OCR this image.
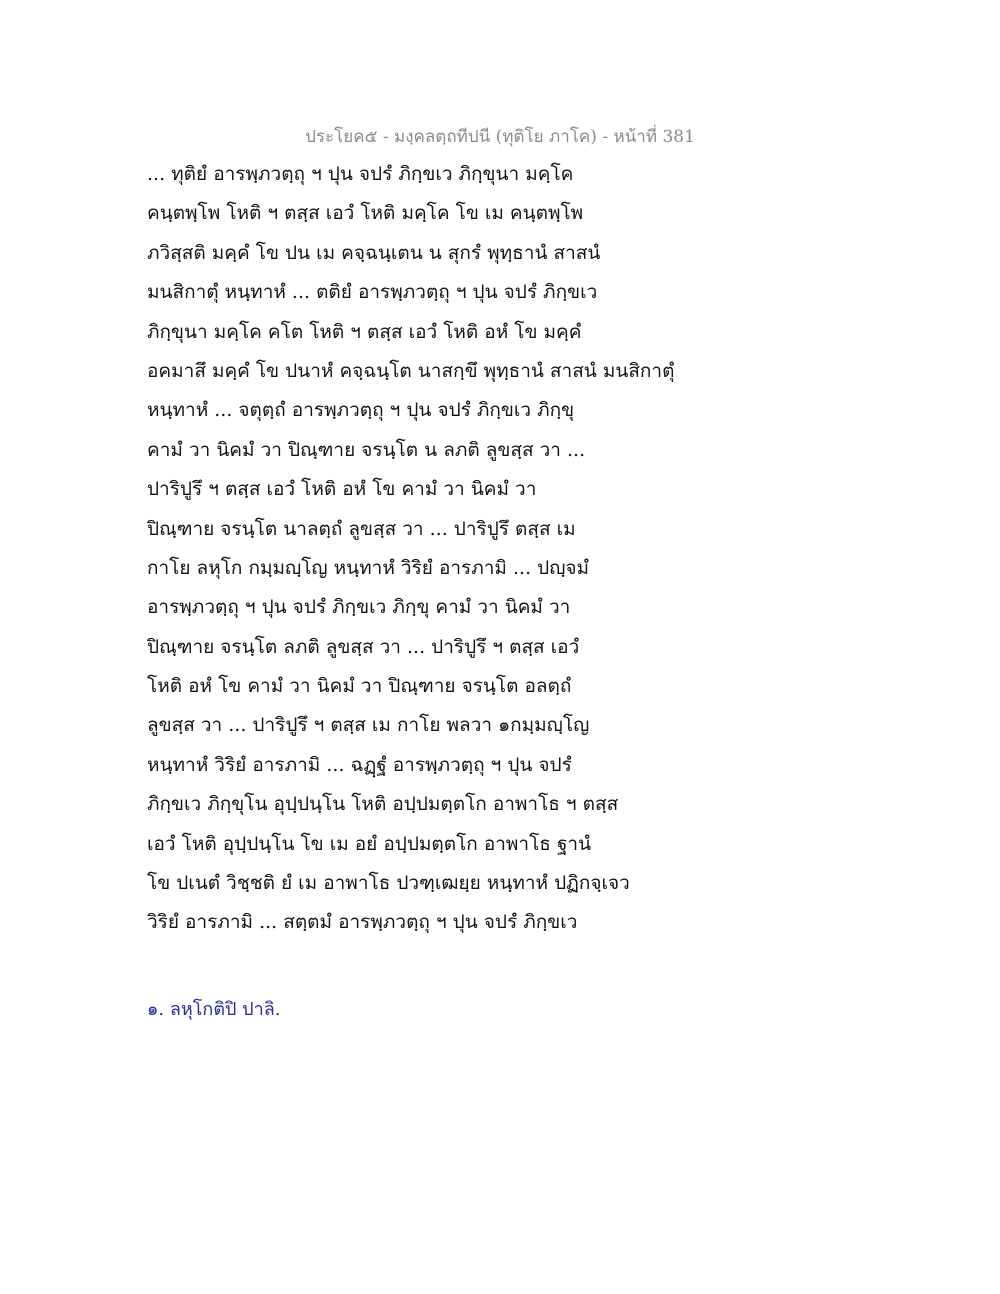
ประโยค๕ - มงฺคลตฺถทีปนี (ทุติโย ภาโค) - หน้าที่ 381
... ทุติยํ อารพฺภวตฺถุ ฯ ปุน จปรํ ภิกฺขเว ภิกฺขุนา มคฺโค
คนฺตพฺโพ โหติ ฯ ตสฺส เอวํ โหติ มคฺโค โข เม คนฺตพฺโพ
ภวิสฺสติ มคฺคํ โข ปน เม คจฺฉนฺเตน น สุกรํ พุทฺธานํ สาสนํ
มนสิกาตุํ หนฺทาหํ ... ตติยํ อารพฺภวตฺถุ ฯ ปุน จปรํ ภิกฺขเว
ภิกฺขุนา มคฺโค คโต โหติ ฯ ตสฺส เอวํ โหติ อหํ โข มคฺคํ
อคมาสึ มคฺคํ โข ปนาหํ คจฺฉนฺโต นาสกฺขึ พุทฺธานํ สาสนํ มนสิกาตุํ
หนฺทาหํ ... จตุตฺถํ อารพฺภวตฺถุ ฯ ปุน จปรํ ภิกฺขเว ภิกฺขุ
คามํ วา นิคมํ วา ปิณฺฑาย จรนฺโต น ลภติ ลูขสฺส วา ...
ปาริปูรึ ฯ ตสฺส เอวํ โหติ อหํ โข คามํ วา นิคมํ วา
ปิณฺฑาย จรนฺโต นาลตฺถํ ลูขสฺส วา ... ปาริปูรึ ตสฺส เม
กาโย ลหุโก กมฺมญฺโญ หนฺทาหํ วิริยํ อารภามิ ... ปญฺจมํ
อารพฺภวตฺถุ ฯ ปุน จปรํ ภิกฺขเว ภิกฺขุ คามํ วา นิคมํ วา
ปิณฺฑาย จรนฺโต ลภติ ลูขสฺส วา ... ปาริปูรึ ฯ ตสฺส เอวํ
โหติ อหํ โข คามํ วา นิคมํ วา ปิณฺฑาย จรนฺโต อลตฺถํ
ลูขสฺส วา ... ปาริปูรึ ฯ ตสฺส เม กาโย พลวา ๑กมฺมญฺโญ
หนฺทาหํ วิริยํ อารภามิ ... ฉฏฺฐํ อารพฺภวตฺถุ ฯ ปุน จปรํ
ภิกฺขเว ภิกฺขุโน อุปฺปนฺโน โหติ อปฺปมตฺตโก อาพาโธ ฯ ตสฺส
เอวํ โหติ อุปฺปนฺโน โข เม อยํ อปฺปมตฺตโก อาพาโธ ฐานํ
โข ปเนตํ วิชฺชติ ยํ เม อาพาโธ ปวฑฺเฒยฺย หนฺทาหํ ปฏิกจฺเจว
วิริยํ อารภามิ ... สตฺตมํ อารพฺภวตฺถุ ฯ ปุน จปรํ ภิกฺขเว
๑. ลหุโกติปิ ปาลิ.
